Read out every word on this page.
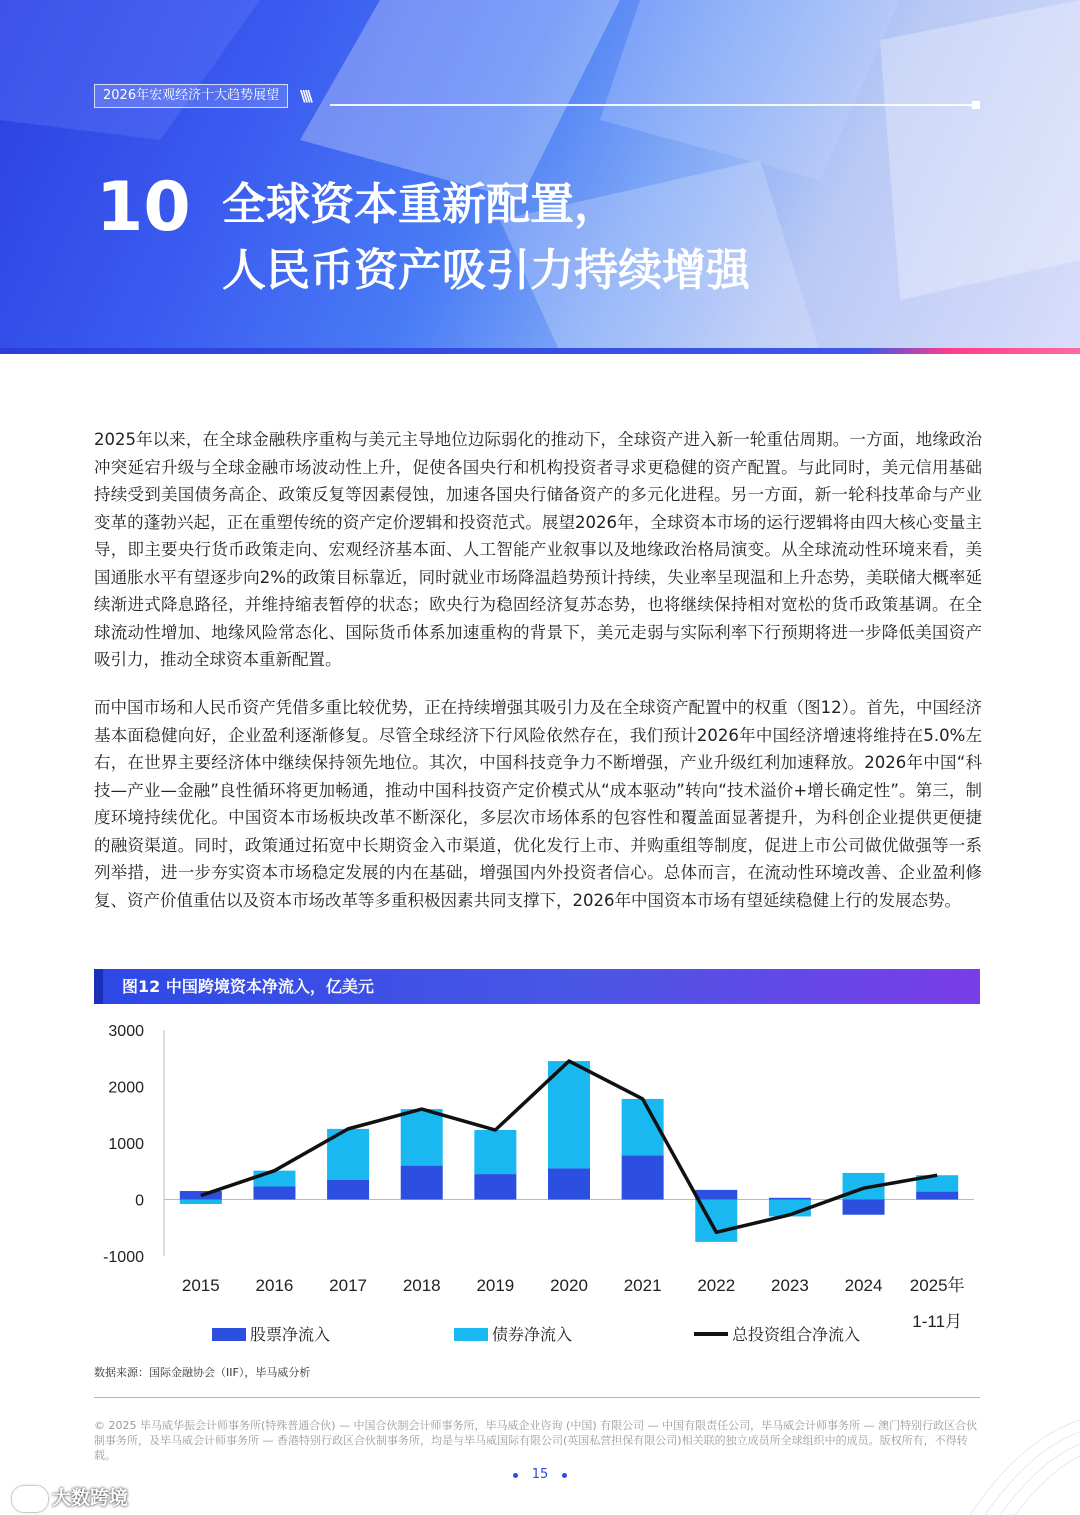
2026年宏观经济十大趋势展望	\\\\
10 全球资本重新配置，
人民币资产吸引力持续增强
2025年以来，在全球金融秩序重构与美元主导地位边际弱化的推动下，全球资产进入新一轮重估周期。一方面，地缘政治冲突延宕升级与全球金融市场波动性上升，促使各国央行和机构投资者寻求更稳健的资产配置。与此同时，美元信用基础持续受到美国债务高企、政策反复等因素侵蚀，加速各国央行储备资产的多元化进程。另一方面，新一轮科技革命与产业变革的蓬勃兴起，正在重塑传统的资产定价逻辑和投资范式。展望2026年，全球资本市场的运行逻辑将由四大核心变量主导，即主要央行货币政策走向、宏观经济基本面、人工智能产业叙事以及地缘政治格局演变。从全球流动性环境来看，美国通胀水平有望逐步向2%的政策目标靠近，同时就业市场降温趋势预计持续，失业率呈现温和上升态势，美联储大概率延续渐进式降息路径，并维持缩表暂停的状态；欧央行为稳固经济复苏态势，也将继续保持相对宽松的货币政策基调。在全球流动性增加、地缘风险常态化、国际货币体系加速重构的背景下，美元走弱与实际利率下行预期将进一步降低美国资产吸引力，推动全球资本重新配置。
而中国市场和人民币资产凭借多重比较优势，正在持续增强其吸引力及在全球资产配置中的权重（图12）。首先，中国经济基本面稳健向好，企业盈利逐渐修复。尽管全球经济下行风险依然存在，我们预计2026年中国经济增速将维持在5.0%左右，在世界主要经济体中继续保持领先地位。其次，中国科技竞争力不断增强，产业升级红利加速释放。2026年中国“科技—产业—金融”良性循环将更加畅通，推动中国科技资产定价模式从“成本驱动”转向“技术溢价+增长确定性”。第三，制度环境持续优化。中国资本市场板块改革不断深化，多层次市场体系的包容性和覆盖面显著提升，为科创企业提供更便捷的融资渠道。同时，政策通过拓宽中长期资金入市渠道，优化发行上市、并购重组等制度，促进上市公司做优做强等一系列举措，进一步夯实资本市场稳定发展的内在基础，增强国内外投资者信心。总体而言，在流动性环境改善、企业盈利修复、资产价值重估以及资本市场改革等多重积极因素共同支撑下，2026年中国资本市场有望延续稳健上行的发展态势。
图12 中国跨境资本净流入，亿美元
3000
2000
1000
0
-1000
2015 2016 2017 2018 2019 2020 2021 2022 2023 2024 2025年
1-11月
股票净流入	债券净流入	总投资组合净流入
数据来源：国际金融协会（IIF），毕马威分析
© 2025 毕马威华振会计师事务所(特殊普通合伙) — 中国合伙制会计师事务所，毕马威企业咨询 (中国) 有限公司 — 中国有限责任公司，毕马威会计师事务所 — 澳门特别行政区合伙制事务所，及毕马威会计师事务所 — 香港特别行政区合伙制事务所，均是与毕马威国际有限公司(英国私营担保有限公司)相关联的独立成员所全球组织中的成员。版权所有，不得转载。
15
大数跨境
